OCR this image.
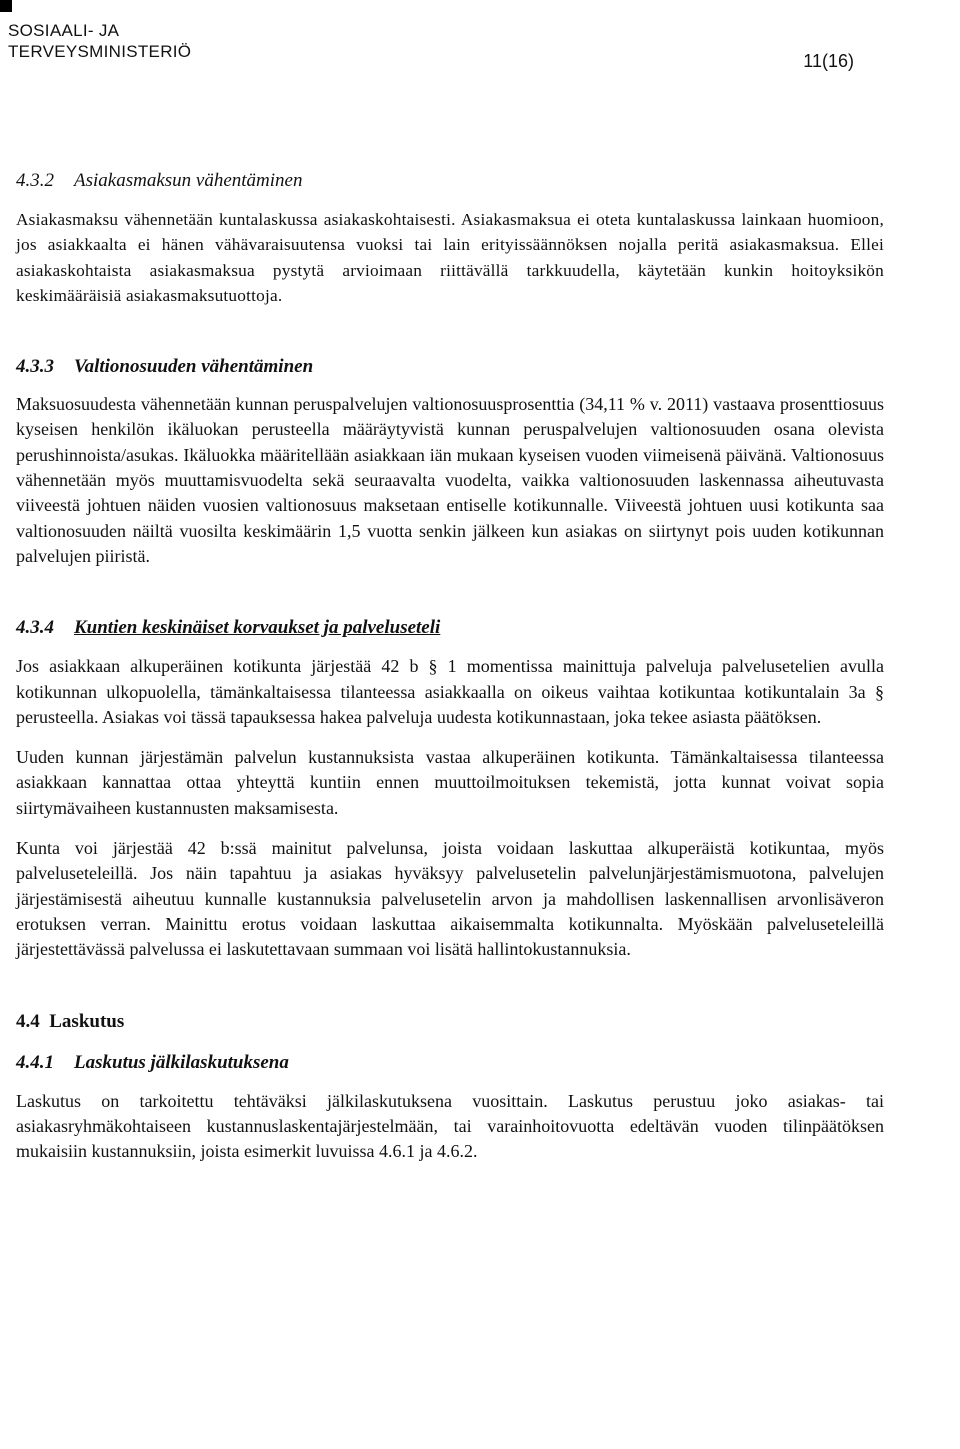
SOSIAALI- JA
TERVEYSMINISTERIÖ	11(16)
4.3.2 Asiakasmaksun vähentäminen

Asiakasmaksu vähennetään kuntalaskussa asiakaskohtaisesti. Asiakasmaksua ei oteta kuntalaskussa lainkaan huomioon, jos asiakkaalta ei hänen vähävaraisuutensa vuoksi tai lain erityissäännöksen nojalla peritä asiakasmaksua. Ellei asiakaskohtaista asiakasmaksua pystytä arvioimaan riittävällä tarkkuudella, käytetään kunkin hoitoyksikön keskimääräisiä asiakasmaksutuottoja.

4.3.3 Valtionosuuden vähentäminen

Maksuosuudesta vähennetään kunnan peruspalvelujen valtionosuusprosenttia (34,11 % v. 2011) vastaava prosenttiosuus kyseisen henkilön ikäluokan perusteella määräytyvistä kunnan peruspalvelujen valtionosuuden osana olevista perushinnoista/asukas. Ikäluokka määritellään asiakkaan iän mukaan kyseisen vuoden viimeisenä päivänä. Valtionosuus vähennetään myös muuttamisvuodelta sekä seuraavalta vuodelta, vaikka valtionosuuden laskennassa aiheutuvasta viiveestä johtuen näiden vuosien valtionosuus maksetaan entiselle kotikunnalle. Viiveestä johtuen uusi kotikunta saa valtionosuuden näiltä vuosilta keskimäärin 1,5 vuotta senkin jälkeen kun asiakas on siirtynyt pois uuden kotikunnan palvelujen piiristä.

4.3.4 Kuntien keskinäiset korvaukset ja palveluseteli

Jos asiakkaan alkuperäinen kotikunta järjestää 42 b § 1 momentissa mainittuja palveluja palvelusetelien avulla kotikunnan ulkopuolella, tämänkaltaisessa tilanteessa asiakkaalla on oikeus vaihtaa kotikuntaa kotikuntalain 3a § perusteella. Asiakas voi tässä tapauksessa hakea palveluja uudesta kotikunnastaan, joka tekee asiasta päätöksen.

Uuden kunnan järjestämän palvelun kustannuksista vastaa alkuperäinen kotikunta. Tämänkaltaisessa tilanteessa asiakkaan kannattaa ottaa yhteyttä kuntiin ennen muuttoilmoituksen tekemistä, jotta kunnat voivat sopia siirtymävaiheen kustannusten maksamisesta.

Kunta voi järjestää 42 b:ssä mainitut palvelunsa, joista voidaan laskuttaa alkuperäistä kotikuntaa, myös palveluseteleillä. Jos näin tapahtuu ja asiakas hyväksyy palvelusetelin palvelunjärjestämismuotona, palvelujen järjestämisestä aiheutuu kunnalle kustannuksia palvelusetelin arvon ja mahdollisen laskennallisen arvonlisäveron erotuksen verran. Mainittu erotus voidaan laskuttaa aikaisemmalta kotikunnalta. Myöskään palveluseteleillä järjestettävässä palvelussa ei laskutettavaan summaan voi lisätä hallintokustannuksia.

4.4 Laskutus
4.4.1 Laskutus jälkilaskutuksena

Laskutus on tarkoitettu tehtäväksi jälkilaskutuksena vuosittain. Laskutus perustuu joko asiakas- tai asiakasryhmäkohtaiseen kustannuslaskentajärjestelmään, tai varainhoitovuotta edeltävän vuoden tilinpäätöksen mukaisiin kustannuksiin, joista esimerkit luvuissa 4.6.1 ja 4.6.2.
